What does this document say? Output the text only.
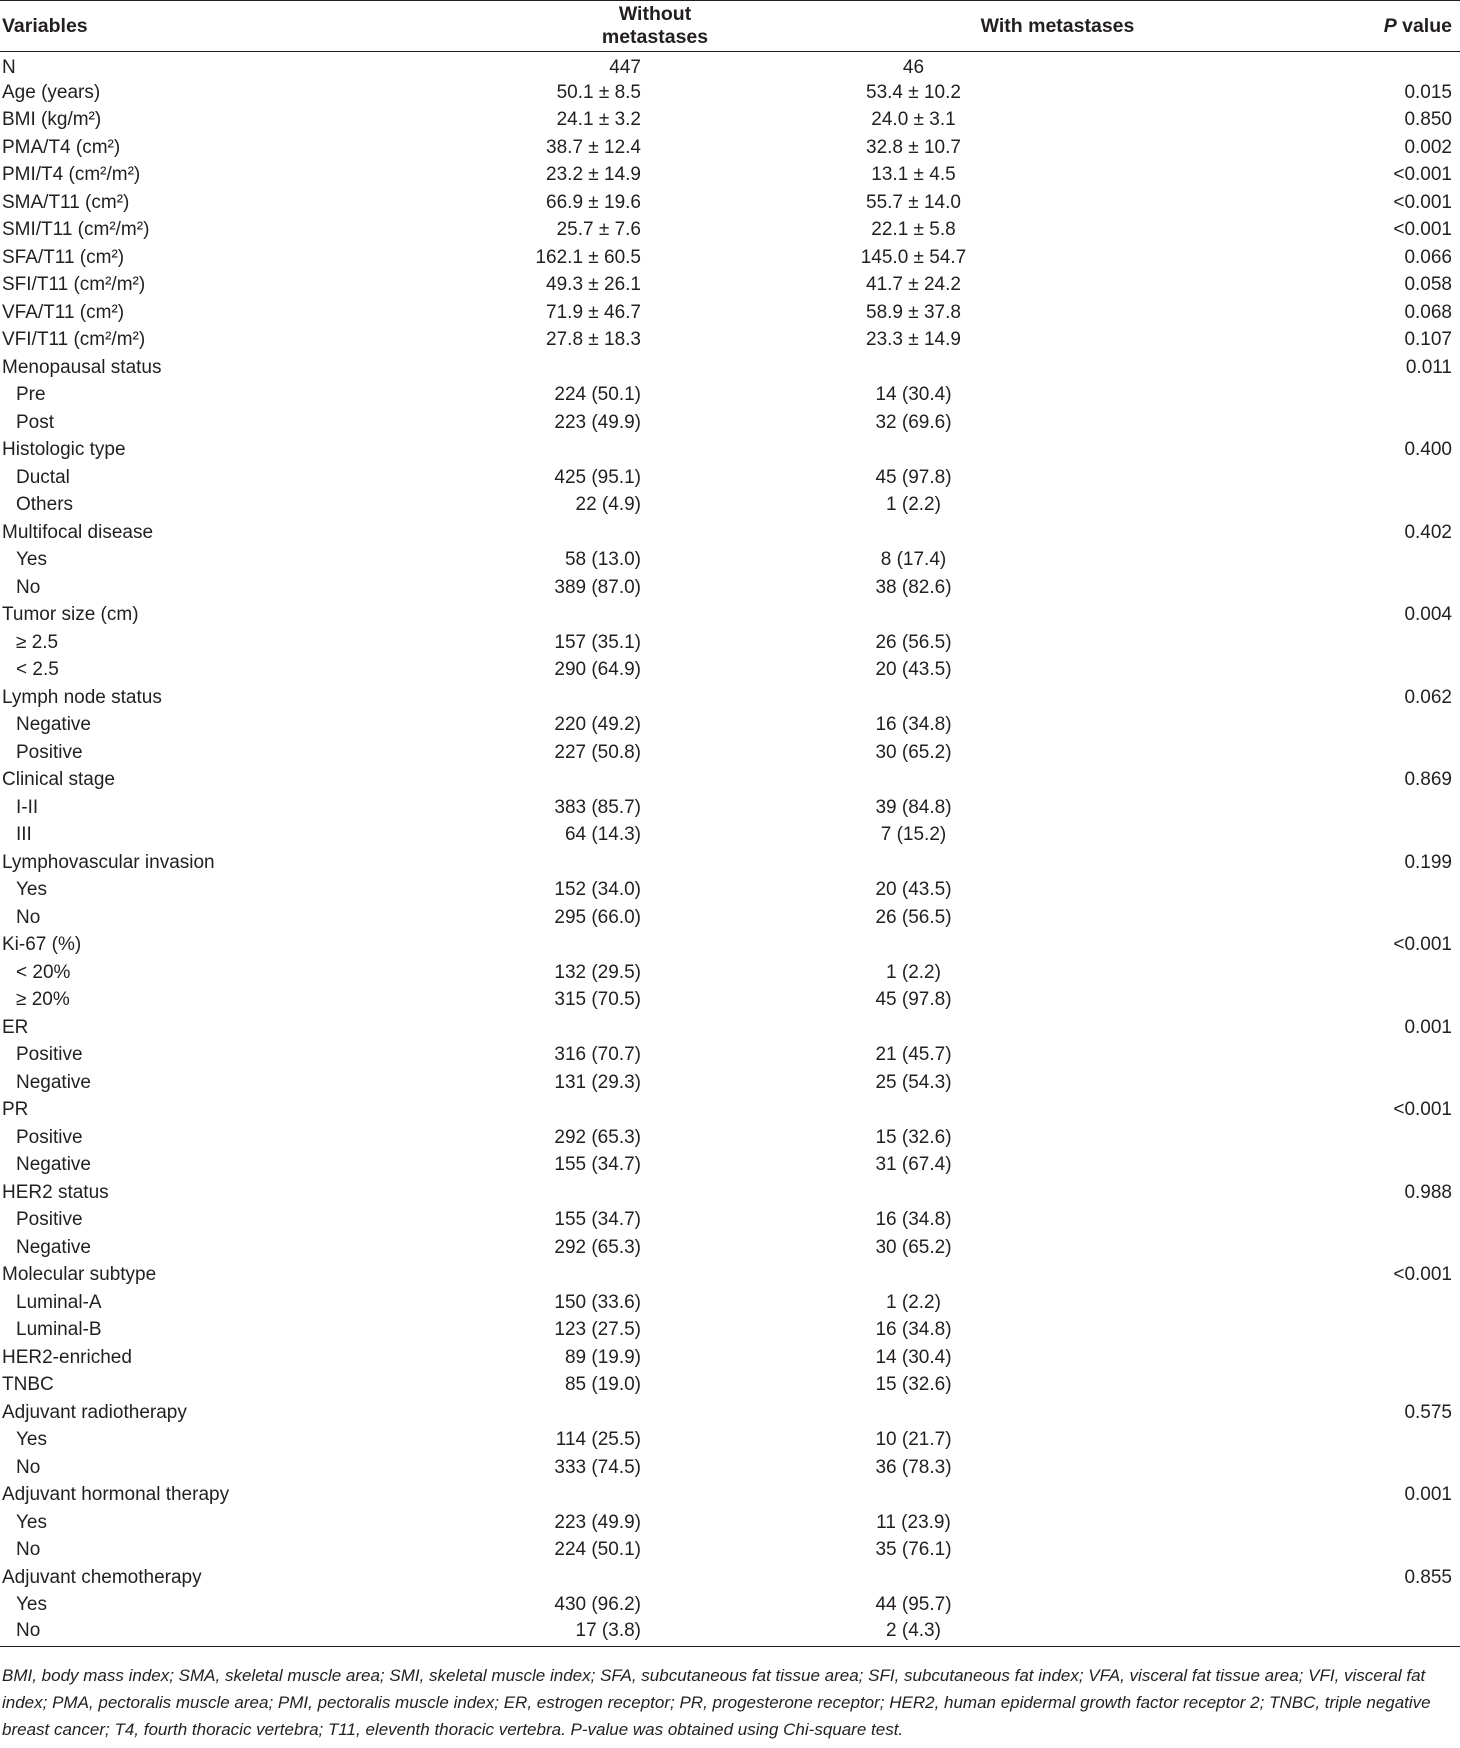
Variables	Without metastases	With metastases	P value
N	447	46	
Age (years)	50.1 ± 8.5	53.4 ± 10.2	0.015
BMI (kg/m²)	24.1 ± 3.2	24.0 ± 3.1	0.850
PMA/T4 (cm²)	38.7 ± 12.4	32.8 ± 10.7	0.002
PMI/T4 (cm²/m²)	23.2 ± 14.9	13.1 ± 4.5	<0.001
SMA/T11 (cm²)	66.9 ± 19.6	55.7 ± 14.0	<0.001
SMI/T11 (cm²/m²)	25.7 ± 7.6	22.1 ± 5.8	<0.001
SFA/T11 (cm²)	162.1 ± 60.5	145.0 ± 54.7	0.066
SFI/T11 (cm²/m²)	49.3 ± 26.1	41.7 ± 24.2	0.058
VFA/T11 (cm²)	71.9 ± 46.7	58.9 ± 37.8	0.068
VFI/T11 (cm²/m²)	27.8 ± 18.3	23.3 ± 14.9	0.107
Menopausal status			0.011
Pre	224 (50.1)	14 (30.4)	
Post	223 (49.9)	32 (69.6)	
Histologic type			0.400
Ductal	425 (95.1)	45 (97.8)	
Others	22 (4.9)	1 (2.2)	
Multifocal disease			0.402
Yes	58 (13.0)	8 (17.4)	
No	389 (87.0)	38 (82.6)	
Tumor size (cm)			0.004
≥ 2.5	157 (35.1)	26 (56.5)	
< 2.5	290 (64.9)	20 (43.5)	
Lymph node status			0.062
Negative	220 (49.2)	16 (34.8)	
Positive	227 (50.8)	30 (65.2)	
Clinical stage			0.869
I-II	383 (85.7)	39 (84.8)	
III	64 (14.3)	7 (15.2)	
Lymphovascular invasion			0.199
Yes	152 (34.0)	20 (43.5)	
No	295 (66.0)	26 (56.5)	
Ki-67 (%)			<0.001
< 20%	132 (29.5)	1 (2.2)	
≥ 20%	315 (70.5)	45 (97.8)	
ER			0.001
Positive	316 (70.7)	21 (45.7)	
Negative	131 (29.3)	25 (54.3)	
PR			<0.001
Positive	292 (65.3)	15 (32.6)	
Negative	155 (34.7)	31 (67.4)	
HER2 status			0.988
Positive	155 (34.7)	16 (34.8)	
Negative	292 (65.3)	30 (65.2)	
Molecular subtype			<0.001
Luminal-A	150 (33.6)	1 (2.2)	
Luminal-B	123 (27.5)	16 (34.8)	
HER2-enriched	89 (19.9)	14 (30.4)	
TNBC	85 (19.0)	15 (32.6)	
Adjuvant radiotherapy			0.575
Yes	114 (25.5)	10 (21.7)	
No	333 (74.5)	36 (78.3)	
Adjuvant hormonal therapy			0.001
Yes	223 (49.9)	11 (23.9)	
No	224 (50.1)	35 (76.1)	
Adjuvant chemotherapy			0.855
Yes	430 (96.2)	44 (95.7)	
No	17 (3.8)	2 (4.3)	

BMI, body mass index; SMA, skeletal muscle area; SMI, skeletal muscle index; SFA, subcutaneous fat tissue area; SFI, subcutaneous fat index; VFA, visceral fat tissue area; VFI, visceral fat index; PMA, pectoralis muscle area; PMI, pectoralis muscle index; ER, estrogen receptor; PR, progesterone receptor; HER2, human epidermal growth factor receptor 2; TNBC, triple negative breast cancer; T4, fourth thoracic vertebra; T11, eleventh thoracic vertebra. P-value was obtained using Chi-square test.
